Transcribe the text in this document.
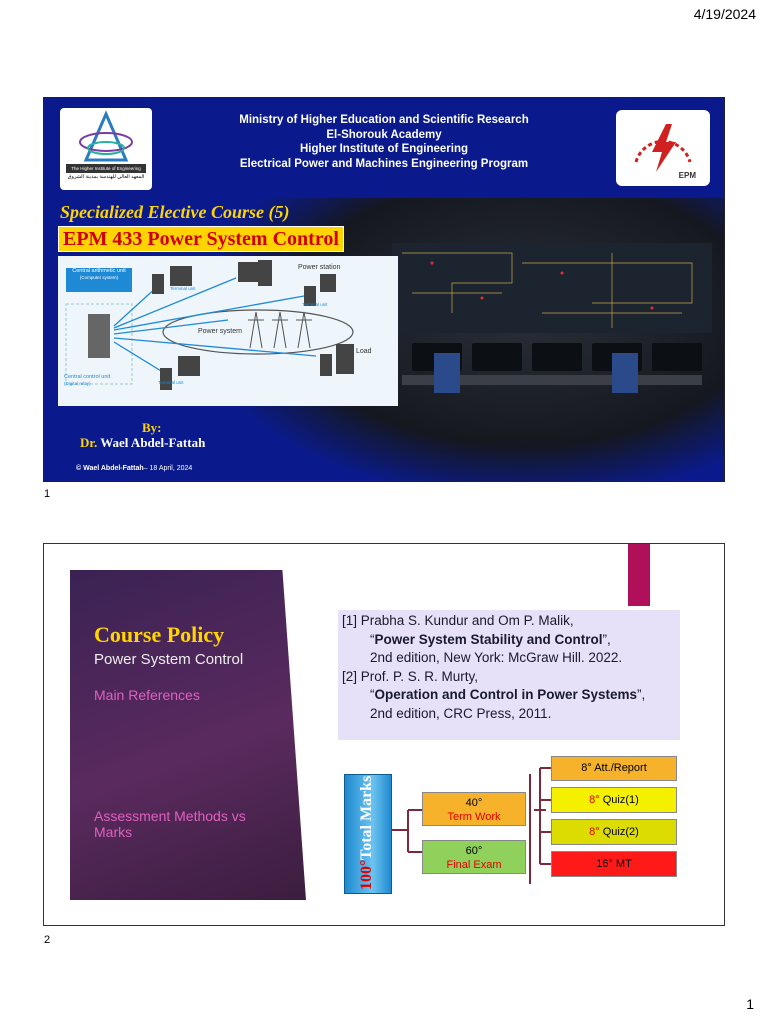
4/19/2024
The Higher Institute of Engineering
المعهد العالي للهندسة بمدينة الشروق
Ministry of Higher Education and Scientific Research
El-Shorouk Academy
Higher Institute of Engineering
Electrical Power and Machines Engineering Program
EPM
Specialized Elective Course (5)
EPM 433 Power System Control
Central arithmetic unit
(Computer system)
Power station
Power system
Load
Central control unit
(Digital relay)
Terminal unit
Terminal unit
Terminal unit
By:
Dr. Wael Abdel-Fattah
© Wael Abdel-Fattah– 18 April, 2024
1
Course Policy
Power System Control
Main References
Assessment Methods vs Marks
[1] Prabha S. Kundur and Om P. Malik,
“Power System Stability and Control”,
2nd edition, New York: McGraw Hill. 2022.
[2] Prof. P. S. R. Murty,
“Operation and Control in Power Systems”,
2nd edition, CRC Press, 2011.
100°
Total Marks	40°
Term Work
60°
Final Exam
8° Att./Report
8° Quiz(1)
8° Quiz(2)
16° MT
2
1
